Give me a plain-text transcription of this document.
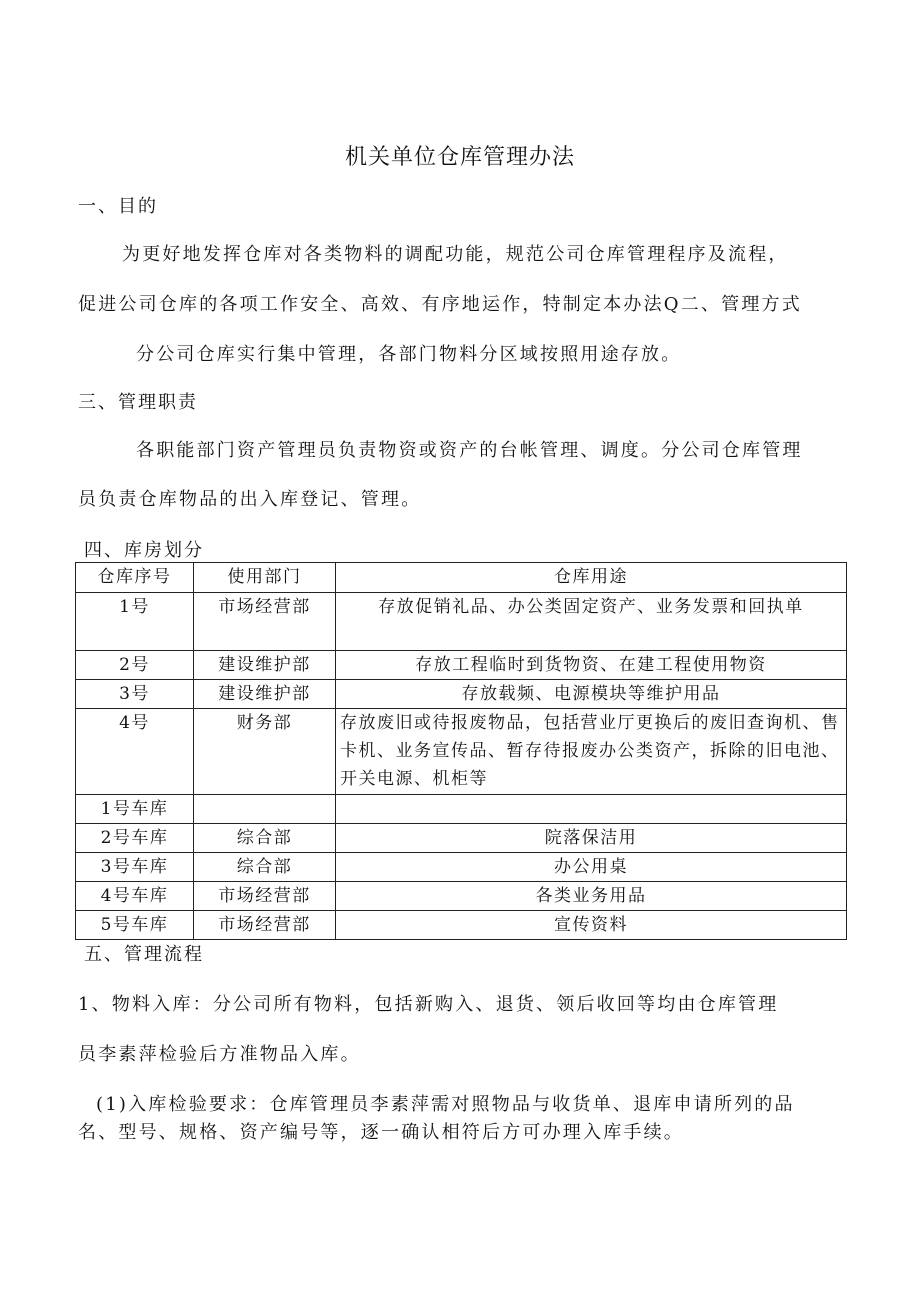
机关单位仓库管理办法
一、目的
为更好地发挥仓库对各类物料的调配功能，规范公司仓库管理程序及流程，
促进公司仓库的各项工作安全、高效、有序地运作，特制定本办法Q二、管理方式
分公司仓库实行集中管理，各部门物料分区域按照用途存放。
三、管理职责
各职能部门资产管理员负责物资或资产的台帐管理、调度。分公司仓库管理
员负责仓库物品的出入库登记、管理。
四、库房划分
仓库序号	使用部门	仓库用途
1号	市场经营部	存放促销礼品、办公类固定资产、业务发票和回执单
2号	建设维护部	存放工程临时到货物资、在建工程使用物资
3号	建设维护部	存放载频、电源模块等维护用品
4号	财务部	存放废旧或待报废物品，包括营业厅更换后的废旧查询机、售卡机、业务宣传品、暂存待报废办公类资产，拆除的旧电池、开关电源、机柜等
1号车库		
2号车库	综合部	院落保洁用
3号车库	综合部	办公用桌
4号车库	市场经营部	各类业务用品
5号车库	市场经营部	宣传资料
五、管理流程
1、物料入库：分公司所有物料，包括新购入、退货、领后收回等均由仓库管理
员李素萍检验后方准物品入库。
(1)入库检验要求：仓库管理员李素萍需对照物品与收货单、退库申请所列的品
名、型号、规格、资产编号等，逐一确认相符后方可办理入库手续。
